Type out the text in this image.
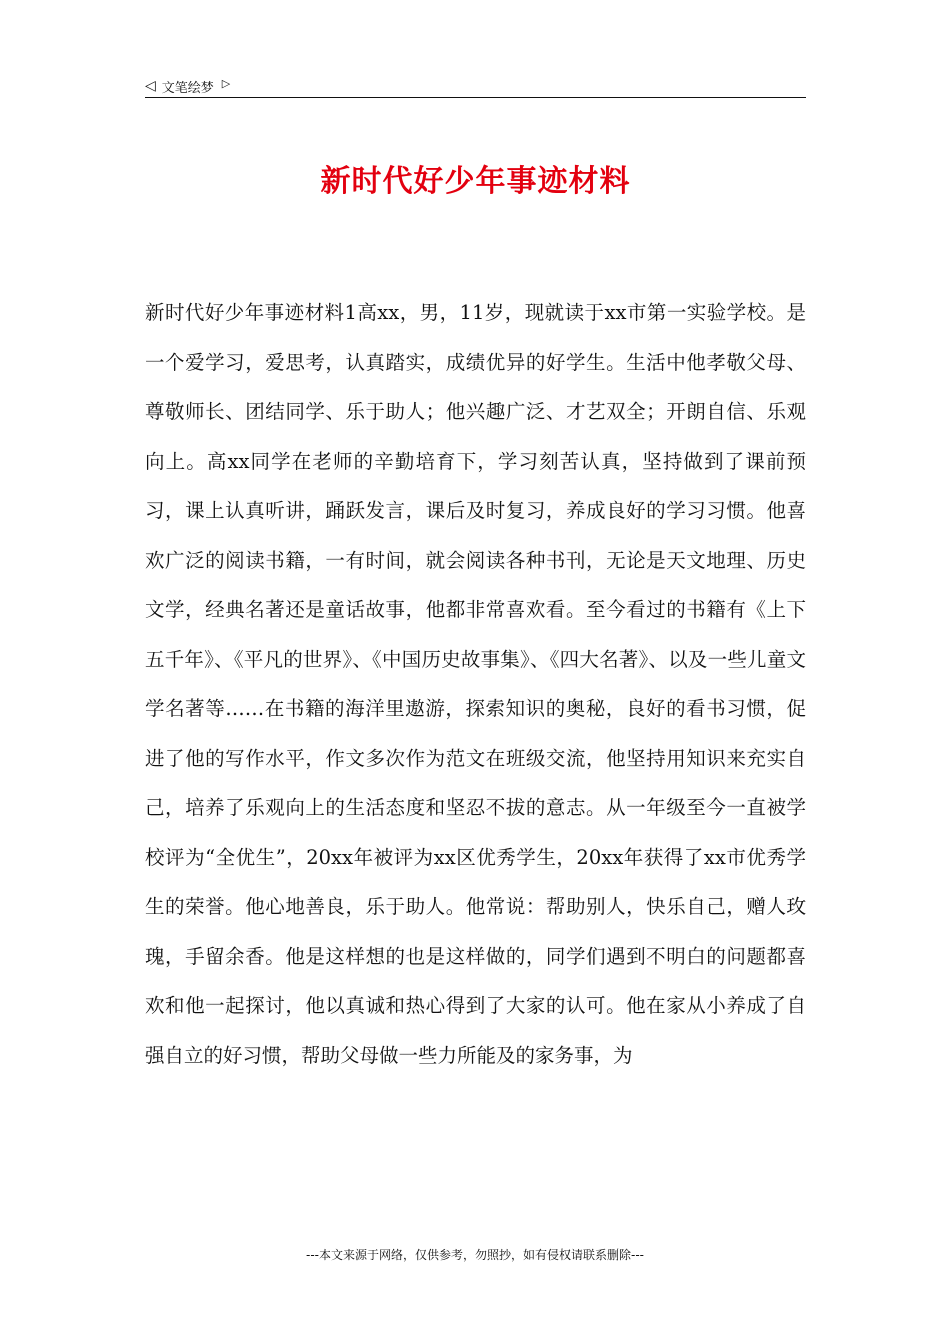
◁ 文笔绘梦 ▷
新时代好少年事迹材料

新时代好少年事迹材料1高xx，男，11岁，现就读于xx市第一实验学校。是一个爱学习，爱思考，认真踏实，成绩优异的好学生。生活中他孝敬父母、尊敬师长、团结同学、乐于助人；他兴趣广泛、才艺双全；开朗自信、乐观向上。高xx同学在老师的辛勤培育下，学习刻苦认真，坚持做到了课前预习，课上认真听讲，踊跃发言，课后及时复习，养成良好的学习习惯。他喜欢广泛的阅读书籍，一有时间，就会阅读各种书刊，无论是天文地理、历史文学，经典名著还是童话故事，他都非常喜欢看。至今看过的书籍有《上下五千年》、《平凡的世界》、《中国历史故事集》、《四大名著》、以及一些儿童文学名著等……在书籍的海洋里遨游，探索知识的奥秘，良好的看书习惯，促进了他的写作水平，作文多次作为范文在班级交流，他坚持用知识来充实自己，培养了乐观向上的生活态度和坚忍不拔的意志。从一年级至今一直被学校评为“全优生”，20xx年被评为xx区优秀学生，20xx年获得了xx市优秀学生的荣誉。他心地善良，乐于助人。他常说：帮助别人，快乐自己，赠人玫瑰，手留余香。他是这样想的也是这样做的，同学们遇到不明白的问题都喜欢和他一起探讨，他以真诚和热心得到了大家的认可。他在家从小养成了自强自立的好习惯，帮助父母做一些力所能及的家务事，为

---本文来源于网络，仅供参考，勿照抄，如有侵权请联系删除---
